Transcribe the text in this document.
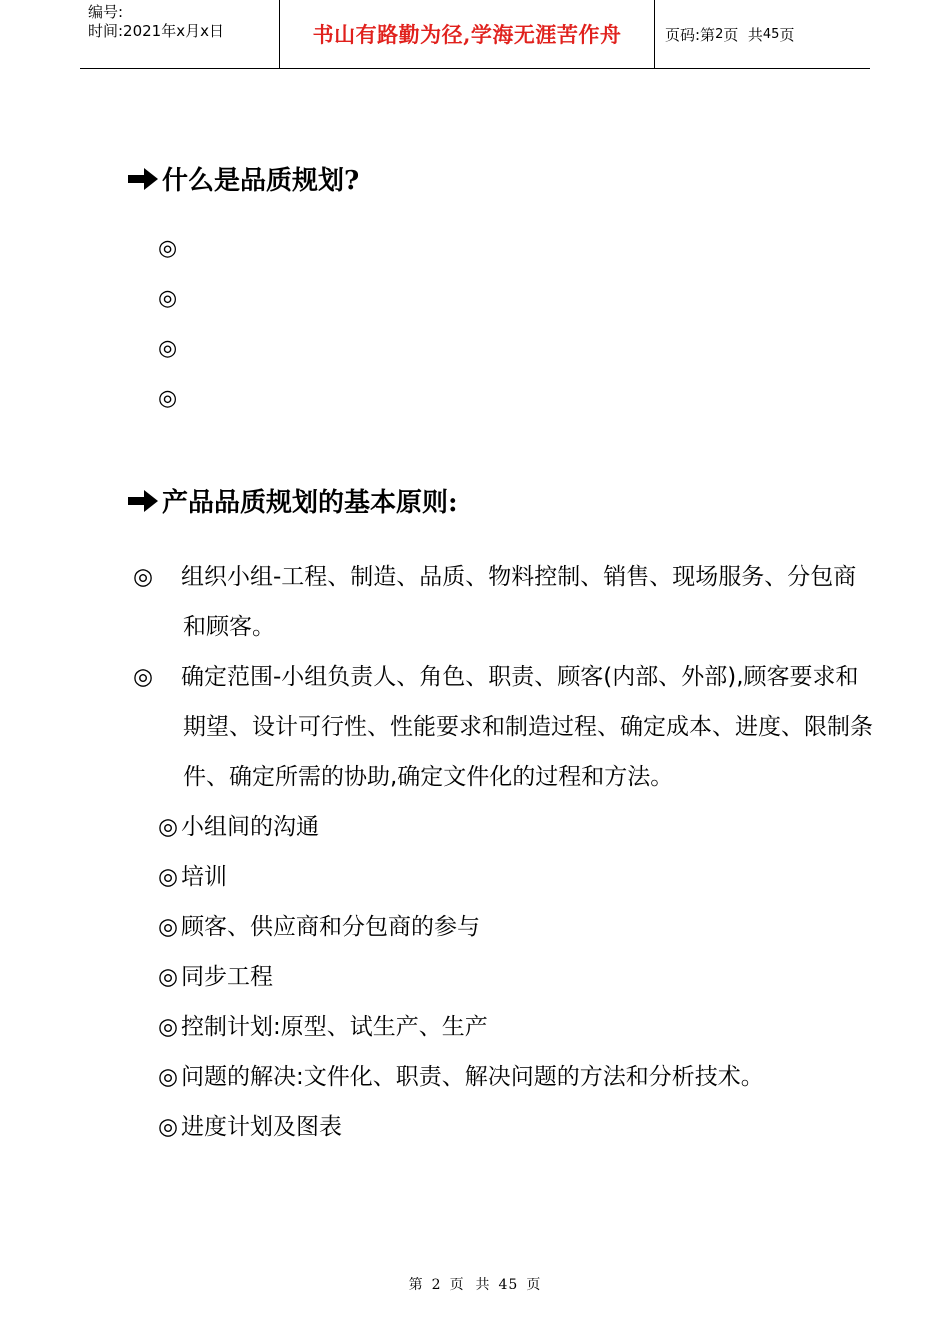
编号:
时间:2021年x月x日	书山有路勤为径,学海无涯苦作舟	页码:第 2 页  共 45 页
什么是品质规划?
◎
◎
◎
◎
产品品质规划的基本原则:

◎ 组织小组-工程、制造、品质、物料控制、销售、现场服务、分包商和顾客。

◎ 确定范围-小组负责人、角色、职责、顾客(内部、外部),顾客要求和期望、设计可行性、性能要求和制造过程、确定成本、进度、限制条件、确定所需的协助,确定文件化的过程和方法。

◎ 小组间的沟通

◎ 培训

◎ 顾客、供应商和分包商的参与

◎ 同步工程

◎ 控制计划:原型、试生产、生产

◎ 问题的解决:文件化、职责、解决问题的方法和分析技术。

◎ 进度计划及图表

第 2 页  共 45 页
